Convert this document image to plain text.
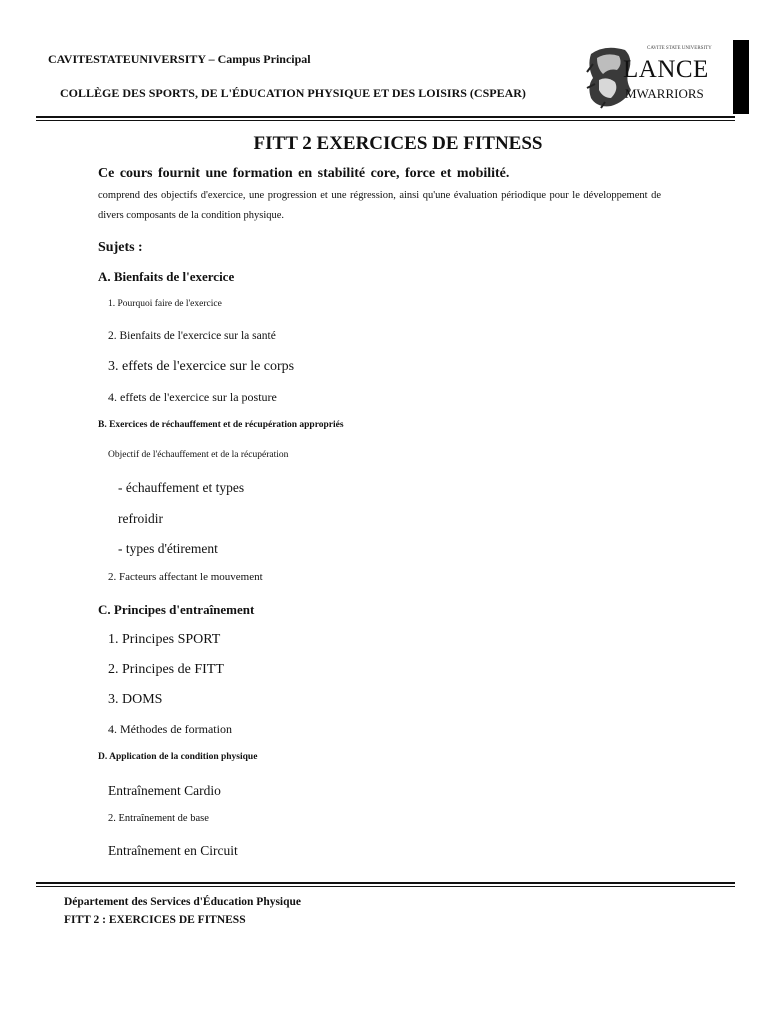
CAVITESTATEUNIVERSITY – Campus Principal
COLLÈGE DES SPORTS, DE L'ÉDUCATION PHYSIQUE ET DES LOISIRS (CSPEAR)
CAVITE STATE UNIVERSITY
LANCE
MWARRIORS
FITT 2 EXERCICES DE FITNESS
Ce cours fournit une formation en stabilité core, force et mobilité.
comprend des objectifs d'exercice, une progression et une régression, ainsi qu'une évaluation périodique pour le développement de divers composants de la condition physique.
Sujets :
A. Bienfaits de l'exercice
1. Pourquoi faire de l'exercice
2. Bienfaits de l'exercice sur la santé
3. effets de l'exercice sur le corps
4. effets de l'exercice sur la posture
B. Exercices de réchauffement et de récupération appropriés
Objectif de l'échauffement et de la récupération
- échauffement et types
refroidir
- types d'étirement
2. Facteurs affectant le mouvement
C. Principes d'entraînement
1. Principes SPORT
2. Principes de FITT
3. DOMS
4. Méthodes de formation
D. Application de la condition physique
Entraînement Cardio
2. Entraînement de base
Entraînement en Circuit
Département des Services d'Éducation Physique
FITT 2 : EXERCICES DE FITNESS
